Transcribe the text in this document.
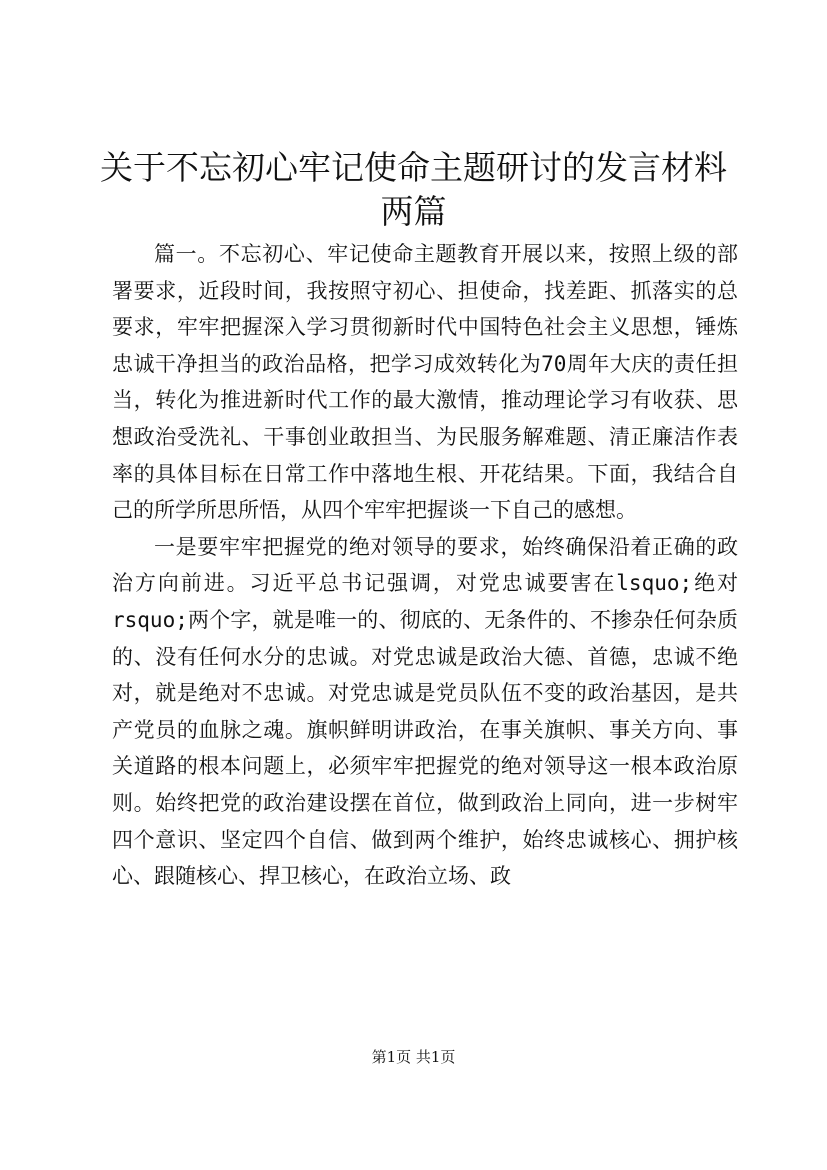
关于不忘初心牢记使命主题研讨的发言材料两篇

篇一。不忘初心、牢记使命主题教育开展以来，按照上级的部署要求，近段时间，我按照守初心、担使命，找差距、抓落实的总要求，牢牢把握深入学习贯彻新时代中国特色社会主义思想，锤炼忠诚干净担当的政治品格，把学习成效转化为70周年大庆的责任担当，转化为推进新时代工作的最大激情，推动理论学习有收获、思想政治受洗礼、干事创业敢担当、为民服务解难题、清正廉洁作表率的具体目标在日常工作中落地生根、开花结果。下面，我结合自己的所学所思所悟，从四个牢牢把握谈一下自己的感想。

一是要牢牢把握党的绝对领导的要求，始终确保沿着正确的政治方向前进。习近平总书记强调，对党忠诚要害在lsquo;绝对rsquo;两个字，就是唯一的、彻底的、无条件的、不掺杂任何杂质的、没有任何水分的忠诚。对党忠诚是政治大德、首德，忠诚不绝对，就是绝对不忠诚。对党忠诚是党员队伍不变的政治基因，是共产党员的血脉之魂。旗帜鲜明讲政治，在事关旗帜、事关方向、事关道路的根本问题上，必须牢牢把握党的绝对领导这一根本政治原则。始终把党的政治建设摆在首位，做到政治上同向，进一步树牢四个意识、坚定四个自信、做到两个维护，始终忠诚核心、拥护核心、跟随核心、捍卫核心，在政治立场、政

第1页 共1页
